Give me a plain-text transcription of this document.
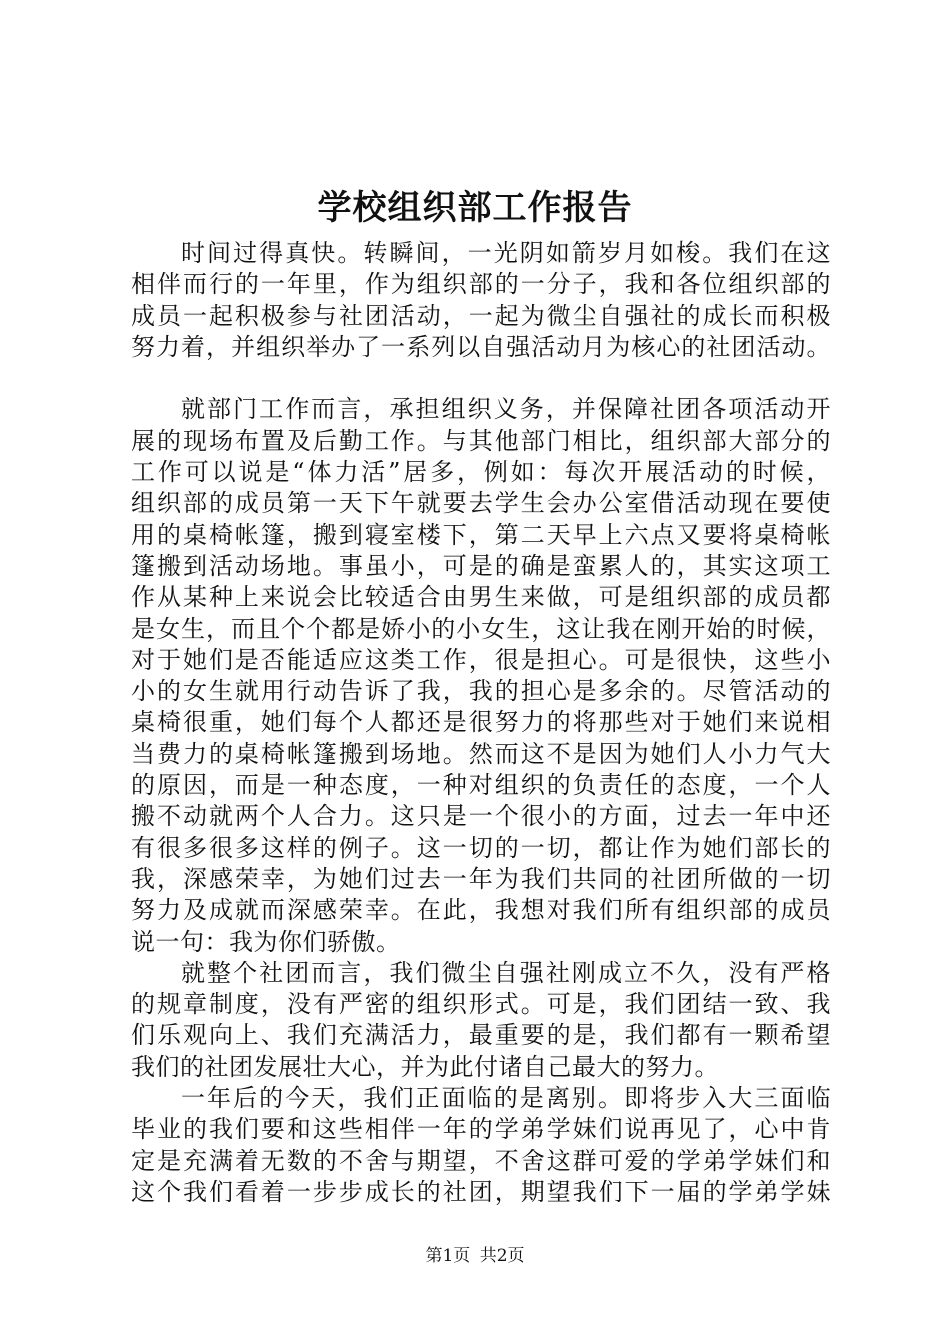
学校组织部工作报告
时间过得真快。转瞬间，一光阴如箭岁月如梭。我们在这
相伴而行的一年里，作为组织部的一分子，我和各位组织部的
成员一起积极参与社团活动，一起为微尘自强社的成长而积极
努力着，并组织举办了一系列以自强活动月为核心的社团活动。
就部门工作而言，承担组织义务，并保障社团各项活动开
展的现场布置及后勤工作。与其他部门相比，组织部大部分的
工作可以说是“体力活”居多，例如：每次开展活动的时候，
组织部的成员第一天下午就要去学生会办公室借活动现在要使
用的桌椅帐篷，搬到寝室楼下，第二天早上六点又要将桌椅帐
篷搬到活动场地。事虽小，可是的确是蛮累人的，其实这项工
作从某种上来说会比较适合由男生来做，可是组织部的成员都
是女生，而且个个都是娇小的小女生，这让我在刚开始的时候，
对于她们是否能适应这类工作，很是担心。可是很快，这些小
小的女生就用行动告诉了我，我的担心是多余的。尽管活动的
桌椅很重，她们每个人都还是很努力的将那些对于她们来说相
当费力的桌椅帐篷搬到场地。然而这不是因为她们人小力气大
的原因，而是一种态度，一种对组织的负责任的态度，一个人
搬不动就两个人合力。这只是一个很小的方面，过去一年中还
有很多很多这样的例子。这一切的一切，都让作为她们部长的
我，深感荣幸，为她们过去一年为我们共同的社团所做的一切
努力及成就而深感荣幸。在此，我想对我们所有组织部的成员
说一句：我为你们骄傲。
就整个社团而言，我们微尘自强社刚成立不久，没有严格
的规章制度，没有严密的组织形式。可是，我们团结一致、我
们乐观向上、我们充满活力，最重要的是，我们都有一颗希望
我们的社团发展壮大心，并为此付诸自己最大的努力。
一年后的今天，我们正面临的是离别。即将步入大三面临
毕业的我们要和这些相伴一年的学弟学妹们说再见了，心中肯
定是充满着无数的不舍与期望，不舍这群可爱的学弟学妹们和
这个我们看着一步步成长的社团，期望我们下一届的学弟学妹
第1页 共2页
